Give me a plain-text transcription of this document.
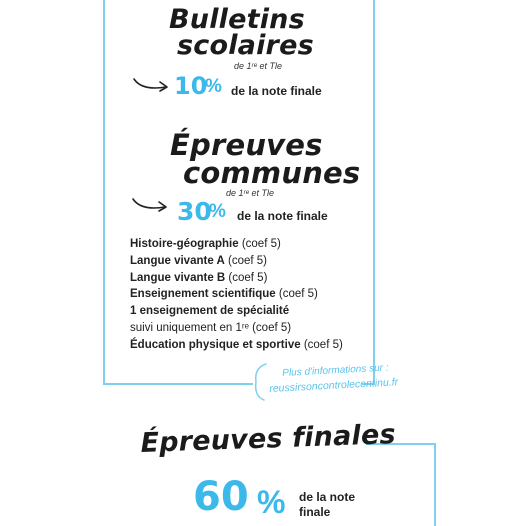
Bulletins
scolaires
de 1ʳᵉ et Tle
10
% de la note finale
Épreuves
communes
de 1ʳᵉ et Tle
30
% de la note finale
Histoire-géographie (coef 5)
Langue vivante A (coef 5)
Langue vivante B (coef 5)
Enseignement scientifique (coef 5)
1 enseignement de spécialité
suivi uniquement en 1ʳᵉ (coef 5)
Éducation physique et sportive (coef 5)
Plus d'informations sur :
reussirsoncontrolecontinu.fr
Épreuves finales
60 % de la note
finale
